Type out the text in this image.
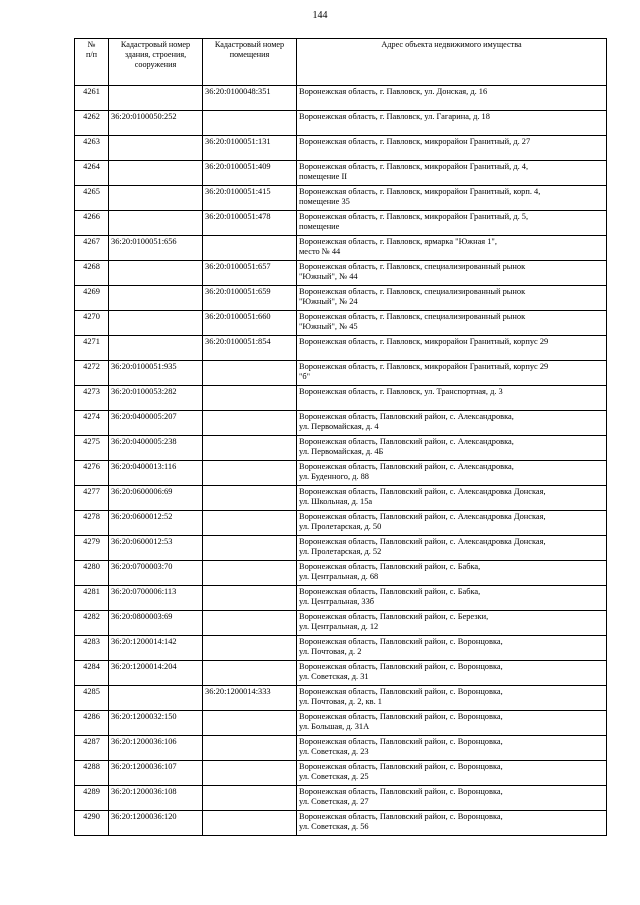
144
№
п/п	Кадастровый номер здания, строения, сооружения	Кадастровый номер помещения	Адрес объекта недвижимого имущества
4261		36:20:0100048:351	Воронежская область, г. Павловск, ул. Донская, д. 16
4262	36:20:0100050:252		Воронежская область, г. Павловск, ул. Гагарина, д. 18
4263		36:20:0100051:131	Воронежская область, г. Павловск, микрорайон Гранитный, д. 27
4264		36:20:0100051:409	Воронежская область, г. Павловск, микрорайон Гранитный, д. 4,
помещение II
4265		36:20:0100051:415	Воронежская область, г. Павловск, микрорайон Гранитный, корп. 4,
помещение 35
4266		36:20:0100051:478	Воронежская область, г. Павловск, микрорайон Гранитный, д. 5,
помещение
4267	36:20:0100051:656		Воронежская область, г. Павловск, ярмарка "Южная 1",
место № 44
4268		36:20:0100051:657	Воронежская область, г. Павловск, специализированный рынок
"Южный", № 44
4269		36:20:0100051:659	Воронежская область, г. Павловск, специализированный рынок
"Южный", № 24
4270		36:20:0100051:660	Воронежская область, г. Павловск, специализированный рынок
"Южный", № 45
4271		36:20:0100051:854	Воронежская область, г. Павловск, микрорайон Гранитный, корпус 29
4272	36:20:0100051:935		Воронежская область, г. Павловск, микрорайон Гранитный, корпус 29
"б"
4273	36:20:0100053:282		Воронежская область, г. Павловск, ул. Транспортная, д. 3
4274	36:20:0400005:207		Воронежская область, Павловский район, с. Александровка,
ул. Первомайская, д. 4
4275	36:20:0400005:238		Воронежская область, Павловский район, с. Александровка,
ул. Первомайская, д. 4Б
4276	36:20:0400013:116		Воронежская область, Павловский район, с. Александровка,
ул. Буденного, д. 88
4277	36:20:0600006:69		Воронежская область, Павловский район, с. Александровка Донская,
ул. Школьная, д. 15а
4278	36:20:0600012:52		Воронежская область, Павловский район, с. Александровка Донская,
ул. Пролетарская, д. 50
4279	36:20:0600012:53		Воронежская область, Павловский район, с. Александровка Донская,
ул. Пролетарская, д. 52
4280	36:20:0700003:70		Воронежская область, Павловский район, с. Бабка,
ул. Центральная, д. 68
4281	36:20:0700006:113		Воронежская область, Павловский район, с. Бабка,
ул. Центральная, 33б
4282	36:20:0800003:69		Воронежская область, Павловский район, с. Березки,
ул. Центральная, д. 12
4283	36:20:1200014:142		Воронежская область, Павловский район, с. Воронцовка,
ул. Почтовая, д. 2
4284	36:20:1200014:204		Воронежская область, Павловский район, с. Воронцовка,
ул. Советская, д. 31
4285		36:20:1200014:333	Воронежская область, Павловский район, с. Воронцовка,
ул. Почтовая, д. 2, кв. 1
4286	36:20:1200032:150		Воронежская область, Павловский район, с. Воронцовка,
ул. Большая, д. 31А
4287	36:20:1200036:106		Воронежская область, Павловский район, с. Воронцовка,
ул. Советская, д. 23
4288	36:20:1200036:107		Воронежская область, Павловский район, с. Воронцовка,
ул. Советская, д. 25
4289	36:20:1200036:108		Воронежская область, Павловский район, с. Воронцовка,
ул. Советская, д. 27
4290	36:20:1200036:120		Воронежская область, Павловский район, с. Воронцовка,
ул. Советская, д. 56
